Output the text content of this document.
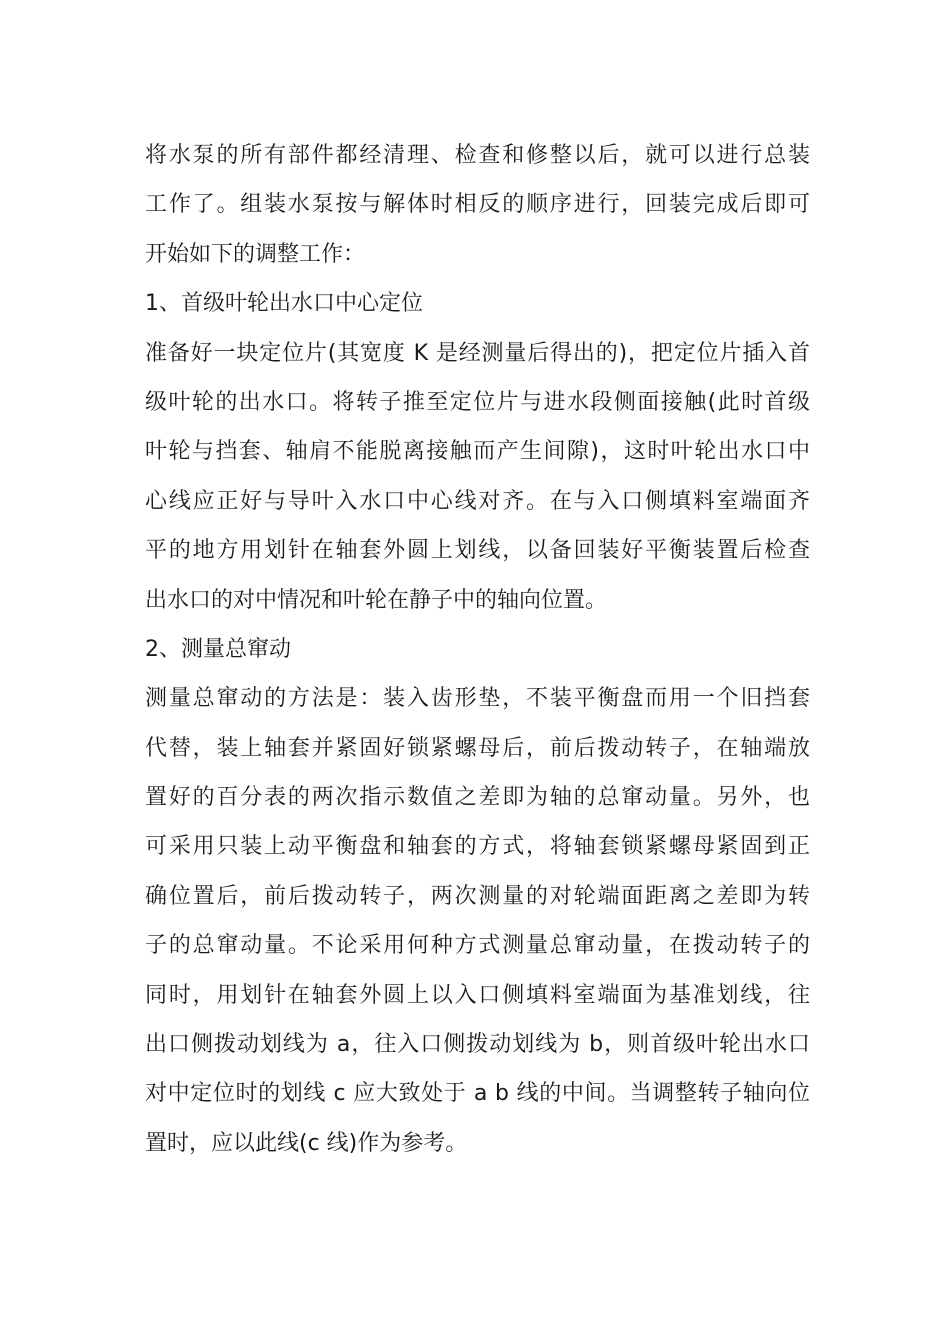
将水泵的所有部件都经清理、检查和修整以后，就可以进行总装
工作了。组装水泵按与解体时相反的顺序进行，回装完成后即可
开始如下的调整工作：
1、首级叶轮出水口中心定位
准备好一块定位片(其宽度 K 是经测量后得出的)，把定位片插入首
级叶轮的出水口。将转子推至定位片与进水段侧面接触(此时首级
叶轮与挡套、轴肩不能脱离接触而产生间隙)，这时叶轮出水口中
心线应正好与导叶入水口中心线对齐。在与入口侧填料室端面齐
平的地方用划针在轴套外圆上划线，以备回装好平衡装置后检查
出水口的对中情况和叶轮在静子中的轴向位置。
2、测量总窜动
测量总窜动的方法是：装入齿形垫，不装平衡盘而用一个旧挡套
代替，装上轴套并紧固好锁紧螺母后，前后拨动转子，在轴端放
置好的百分表的两次指示数值之差即为轴的总窜动量。另外，也
可采用只装上动平衡盘和轴套的方式，将轴套锁紧螺母紧固到正
确位置后，前后拨动转子，两次测量的对轮端面距离之差即为转
子的总窜动量。不论采用何种方式测量总窜动量，在拨动转子的
同时，用划针在轴套外圆上以入口侧填料室端面为基准划线，往
出口侧拨动划线为 a，往入口侧拨动划线为 b，则首级叶轮出水口
对中定位时的划线 c 应大致处于 a b 线的中间。当调整转子轴向位
置时，应以此线(c 线)作为参考。
